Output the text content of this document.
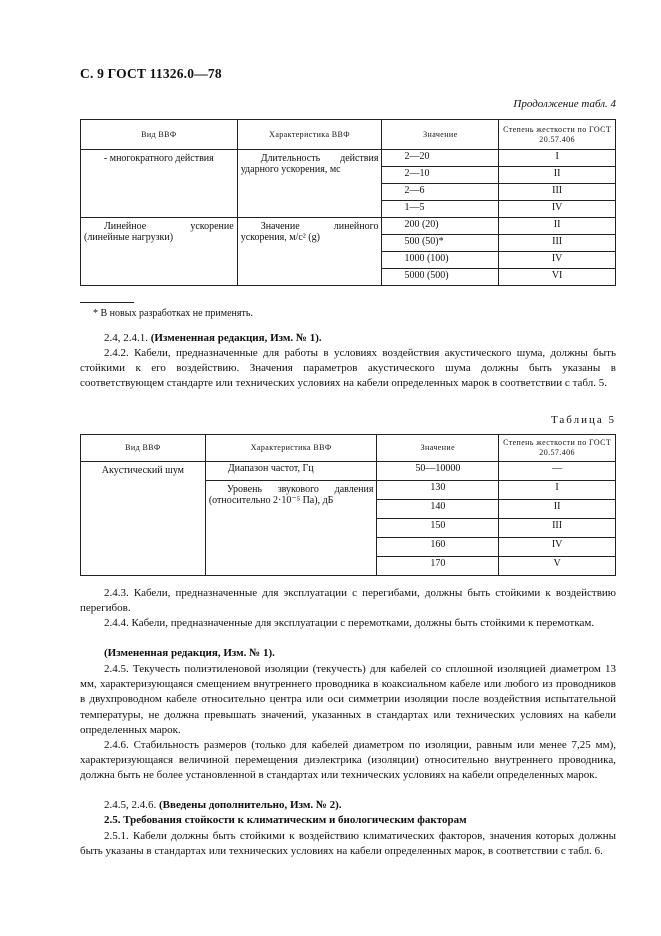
С. 9 ГОСТ 11326.0—78
Продолжение табл. 4
Вид ВВФ	Характеристика ВВФ	Значение	Степень жесткости по ГОСТ 20.57.406
- многократного действия	Длительность действия ударного ускорения, мс	2—20	I
		2—10	II
		2—6	III
		1—5	IV
Линейное ускорение (линейные нагрузки)	Значение линейного ускорения, м/с² (g)	200 (20)	II
		500 (50)*	III
		1000 (100)	IV
		5000 (500)	VI
* В новых разработках не применять.
2.4, 2.4.1. (Измененная редакция, Изм. № 1).
2.4.2. Кабели, предназначенные для работы в условиях воздействия акустического шума, должны быть стойкими к его воздействию. Значения параметров акустического шума должны быть указаны в соответствующем стандарте или технических условиях на кабели определенных марок в соответствии с табл. 5.
Таблица 5
Вид ВВФ	Характеристика ВВФ	Значение	Степень жесткости по ГОСТ 20.57.406
Акустический шум	Диапазон частот, Гц	50—10000	—
	Уровень звукового давления (относительно 2·10⁻⁵ Па), дБ	130	I
		140	II
		150	III
		160	IV
		170	V
2.4.3. Кабели, предназначенные для эксплуатации с перегибами, должны быть стойкими к воздействию перегибов.
2.4.4. Кабели, предназначенные для эксплуатации с перемотками, должны быть стойкими к перемоткам.
(Измененная редакция, Изм. № 1).
2.4.5. Текучесть полиэтиленовой изоляции (текучесть) для кабелей со сплошной изоляцией диаметром 13 мм, характеризующаяся смещением внутреннего проводника в коаксиальном кабеле или любого из проводников в двухпроводном кабеле относительно центра или оси симметрии изоляции после воздействия испытательной температуры, не должна превышать значений, указанных в стандартах или технических условиях на кабели определенных марок.
2.4.6. Стабильность размеров (только для кабелей диаметром по изоляции, равным или менее 7,25 мм), характеризующаяся величиной перемещения диэлектрика (изоляции) относительно внутреннего проводника, должна быть не более установленной в стандартах или технических условиях на кабели определенных марок.
2.4.5, 2.4.6. (Введены дополнительно, Изм. № 2).
2.5. Требования стойкости к климатическим и биологическим факторам
2.5.1. Кабели должны быть стойкими к воздействию климатических факторов, значения которых должны быть указаны в стандартах или технических условиях на кабели определенных марок, в соответствии с табл. 6.
